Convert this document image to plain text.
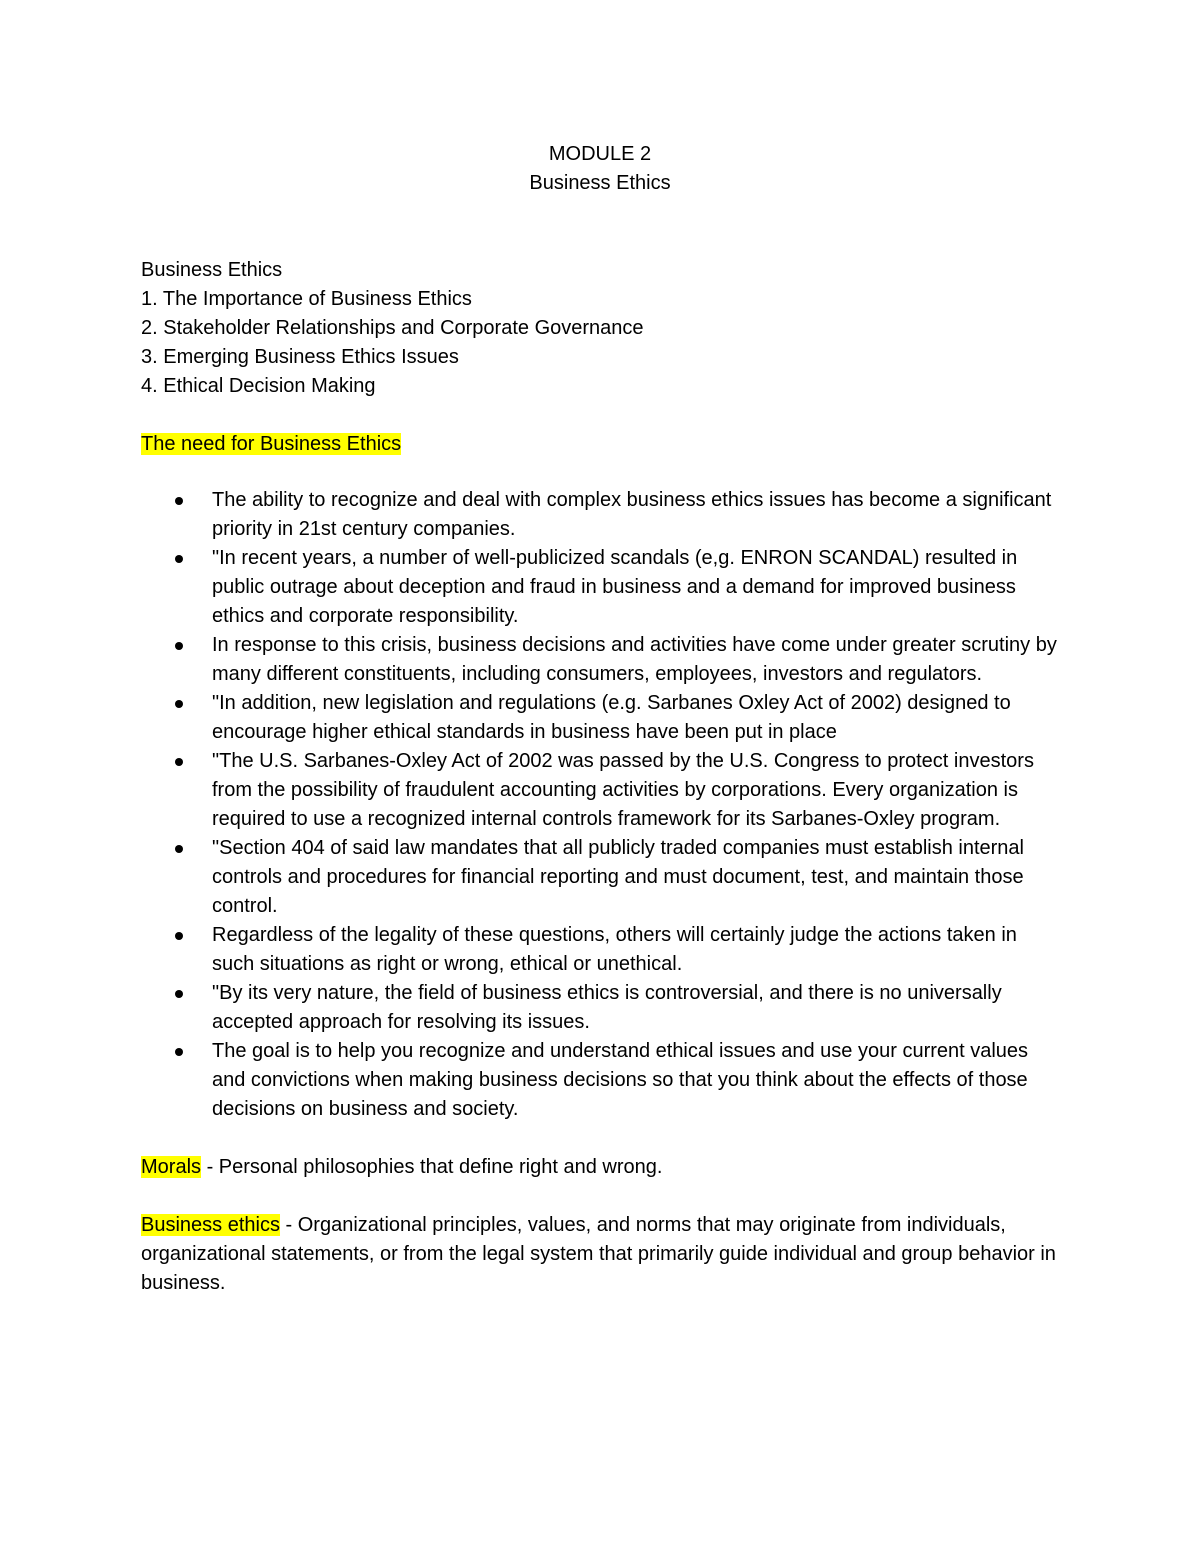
MODULE 2
Business Ethics
Business Ethics
1. The Importance of Business Ethics
2. Stakeholder Relationships and Corporate Governance
3. Emerging Business Ethics Issues
4. Ethical Decision Making
The need for Business Ethics
The ability to recognize and deal with complex business ethics issues has become a significant priority in 21st century companies.
"In recent years, a number of well-publicized scandals (e,g. ENRON SCANDAL) resulted in public outrage about deception and fraud in business and a demand for improved business ethics and corporate responsibility.
In response to this crisis, business decisions and activities have come under greater scrutiny by many different constituents, including consumers, employees, investors and regulators.
"In addition, new legislation and regulations (e.g. Sarbanes Oxley Act of 2002) designed to encourage higher ethical standards in business have been put in place
"The U.S. Sarbanes-Oxley Act of 2002 was passed by the U.S. Congress to protect investors from the possibility of fraudulent accounting activities by corporations. Every organization is required to use a recognized internal controls framework for its Sarbanes-Oxley program.
"Section 404 of said law mandates that all publicly traded companies must establish internal controls and procedures for financial reporting and must document, test, and maintain those control.
Regardless of the legality of these questions, others will certainly judge the actions taken in such situations as right or wrong, ethical or unethical.
"By its very nature, the field of business ethics is controversial, and there is no universally accepted approach for resolving its issues.
The goal is to help you recognize and understand ethical issues and use your current values and convictions when making business decisions so that you think about the effects of those decisions on business and society.

Morals - Personal philosophies that define right and wrong.

Business ethics - Organizational principles, values, and norms that may originate from individuals, organizational statements, or from the legal system that primarily guide individual and group behavior in business.
